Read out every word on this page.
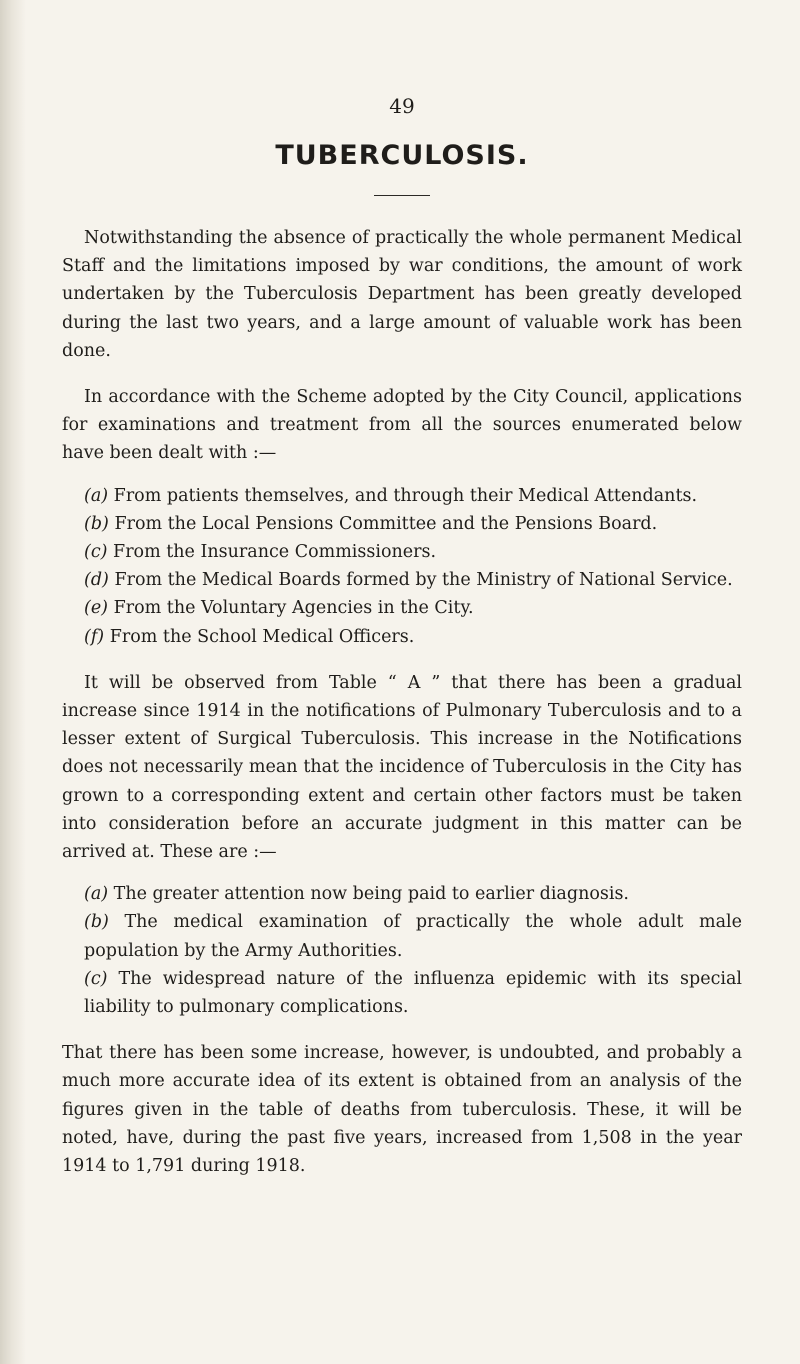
49
TUBERCULOSIS.

Notwithstanding the absence of practically the whole permanent Medical Staff and the limitations imposed by war conditions, the amount of work undertaken by the Tuberculosis Department has been greatly developed during the last two years, and a large amount of valuable work has been done.

In accordance with the Scheme adopted by the City Council, applications for examinations and treatment from all the sources enumerated below have been dealt with :—

(a) From patients themselves, and through their Medical Attendants.
(b) From the Local Pensions Committee and the Pensions Board.
(c) From the Insurance Commissioners.
(d) From the Medical Boards formed by the Ministry of National Service.
(e) From the Voluntary Agencies in the City.
(f) From the School Medical Officers.

It will be observed from Table “ A ” that there has been a gradual increase since 1914 in the notifications of Pulmonary Tuberculosis and to a lesser extent of Surgical Tuberculosis. This increase in the Notifications does not necessarily mean that the incidence of Tuberculosis in the City has grown to a corresponding extent and certain other factors must be taken into consideration before an accurate judgment in this matter can be arrived at. These are :—

(a) The greater attention now being paid to earlier diagnosis.
(b) The medical examination of practically the whole adult male population by the Army Authorities.
(c) The widespread nature of the influenza epidemic with its special liability to pulmonary complications.

That there has been some increase, however, is undoubted, and probably a much more accurate idea of its extent is obtained from an analysis of the figures given in the table of deaths from tuberculosis. These, it will be noted, have, during the past five years, increased from 1,508 in the year 1914 to 1,791 during 1918.
